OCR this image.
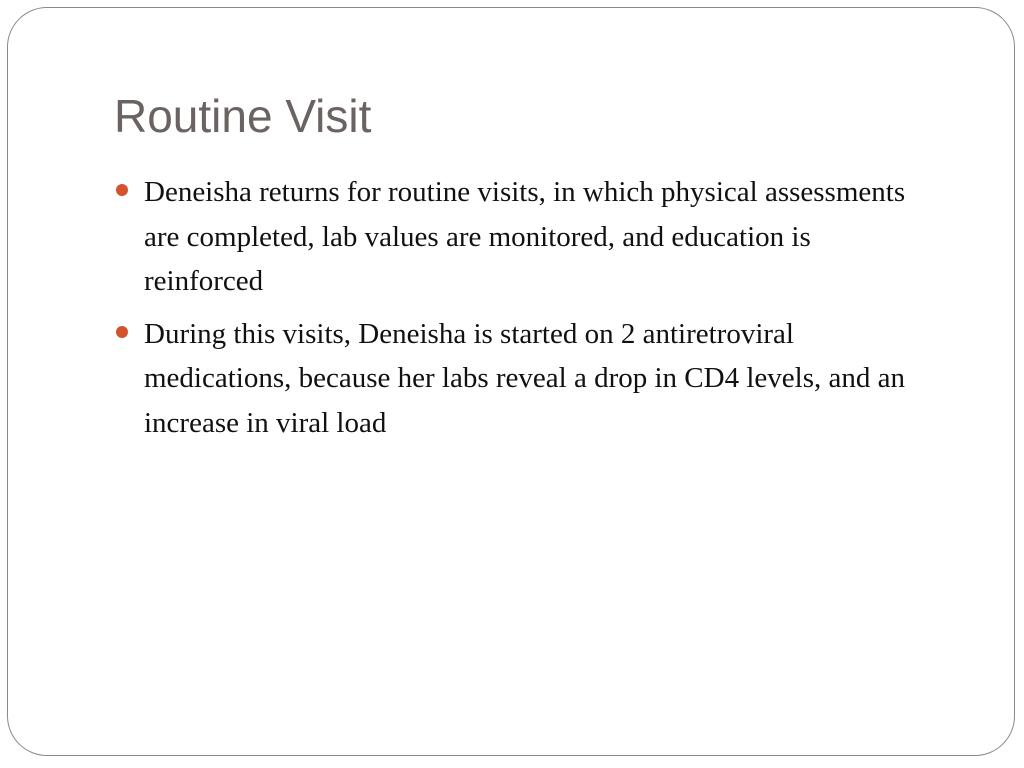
Routine Visit
Deneisha returns for routine visits, in which physical assessments are completed, lab values are monitored, and education is reinforced
During this visits, Deneisha is started on 2 antiretroviral medications, because her labs reveal a drop in CD4 levels, and an increase in viral load
